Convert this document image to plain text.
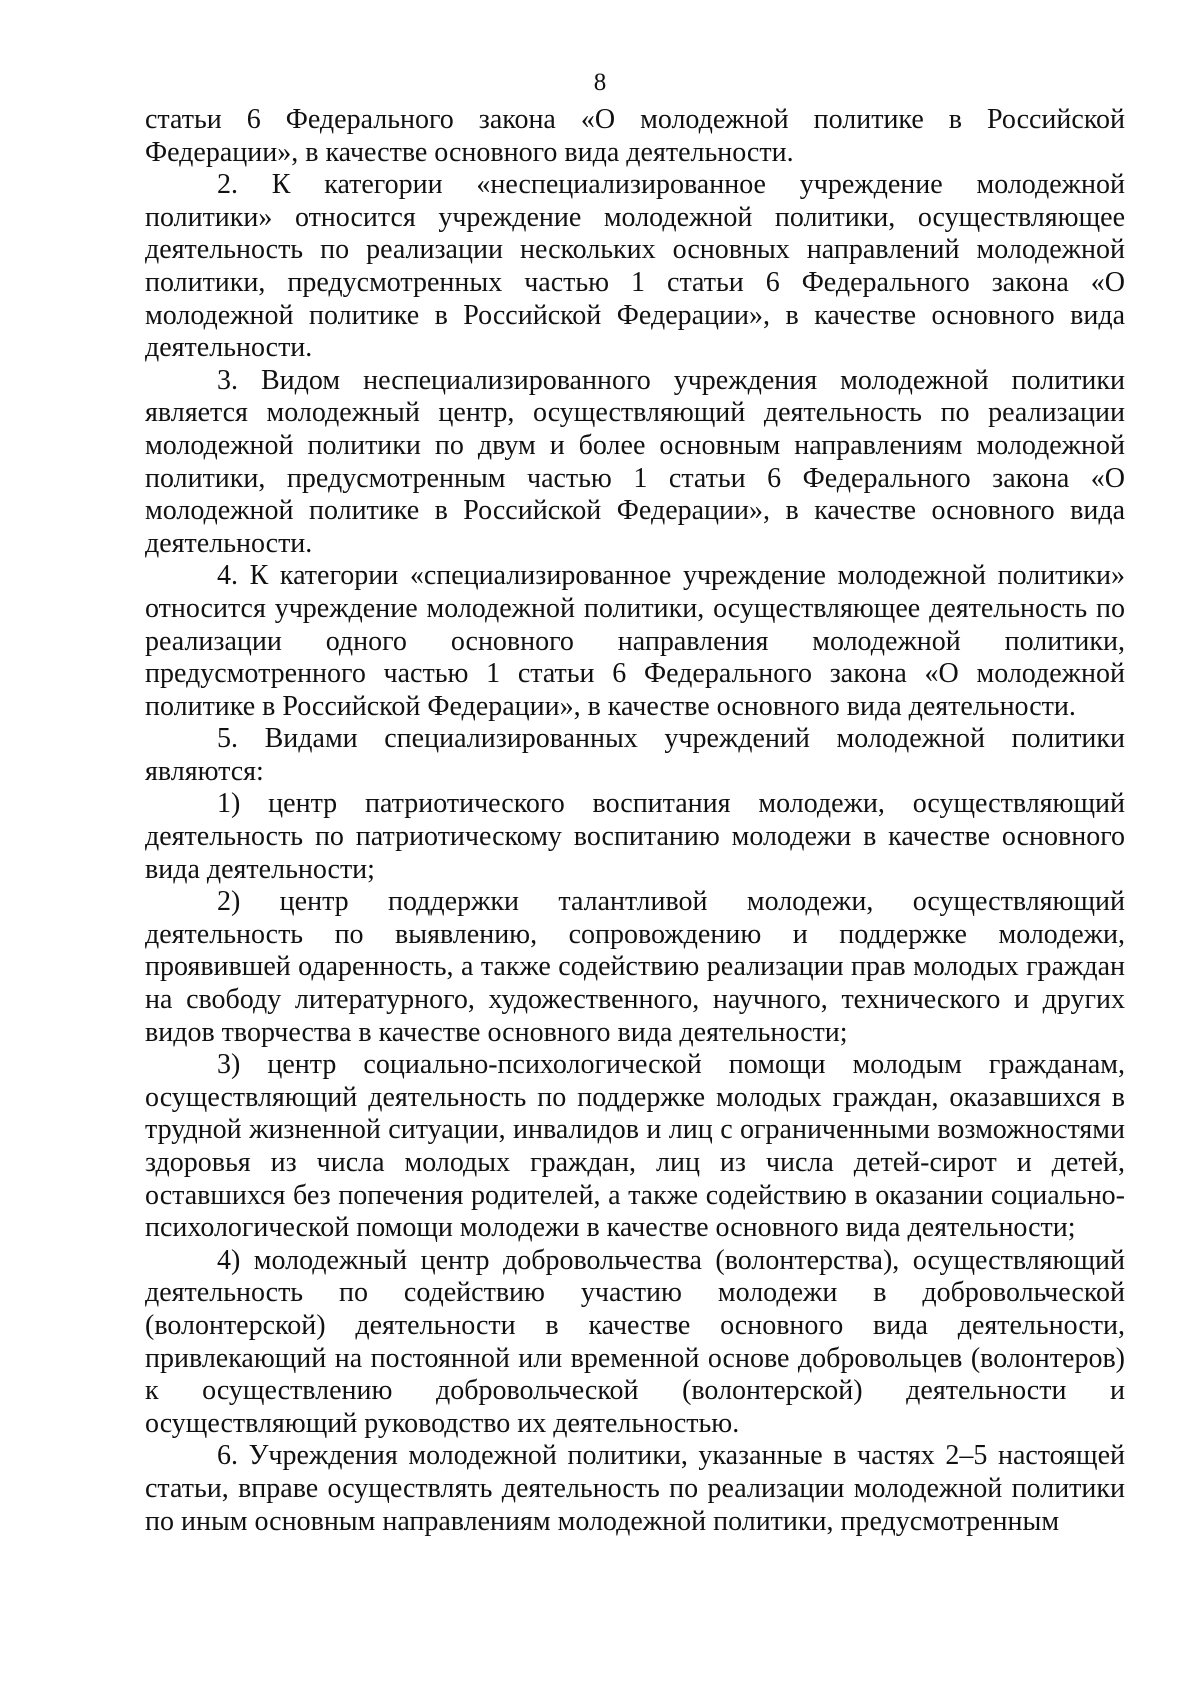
8

статьи 6 Федерального закона «О молодежной политике в Российской Федерации», в качестве основного вида деятельности.

2. К категории «неспециализированное учреждение молодежной политики» относится учреждение молодежной политики, осуществляющее деятельность по реализации нескольких основных направлений молодежной политики, предусмотренных частью 1 статьи 6 Федерального закона «О молодежной политике в Российской Федерации», в качестве основного вида деятельности.

3. Видом неспециализированного учреждения молодежной политики является молодежный центр, осуществляющий деятельность по реализации молодежной политики по двум и более основным направлениям молодежной политики, предусмотренным частью 1 статьи 6 Федерального закона «О молодежной политике в Российской Федерации», в качестве основного вида деятельности.

4. К категории «специализированное учреждение молодежной политики» относится учреждение молодежной политики, осуществляющее деятельность по реализации одного основного направления молодежной политики, предусмотренного частью 1 статьи 6 Федерального закона «О молодежной политике в Российской Федерации», в качестве основного вида деятельности.

5. Видами специализированных учреждений молодежной политики являются:

1) центр патриотического воспитания молодежи, осуществляющий деятельность по патриотическому воспитанию молодежи в качестве основного вида деятельности;

2) центр поддержки талантливой молодежи, осуществляющий деятельность по выявлению, сопровождению и поддержке молодежи, проявившей одаренность, а также содействию реализации прав молодых граждан на свободу литературного, художественного, научного, технического и других видов творчества в качестве основного вида деятельности;

3) центр социально-психологической помощи молодым гражданам, осуществляющий деятельность по поддержке молодых граждан, оказавшихся в трудной жизненной ситуации, инвалидов и лиц с ограниченными возможностями здоровья из числа молодых граждан, лиц из числа детей-сирот и детей, оставшихся без попечения родителей, а также содействию в оказании социально-психологической помощи молодежи в качестве основного вида деятельности;

4) молодежный центр добровольчества (волонтерства), осуществляющий деятельность по содействию участию молодежи в добровольческой (волонтерской) деятельности в качестве основного вида деятельности, привлекающий на постоянной или временной основе добровольцев (волонтеров) к осуществлению добровольческой (волонтерской) деятельности и осуществляющий руководство их деятельностью.

6. Учреждения молодежной политики, указанные в частях 2–5 настоящей статьи, вправе осуществлять деятельность по реализации молодежной политики по иным основным направлениям молодежной политики, предусмотренным
